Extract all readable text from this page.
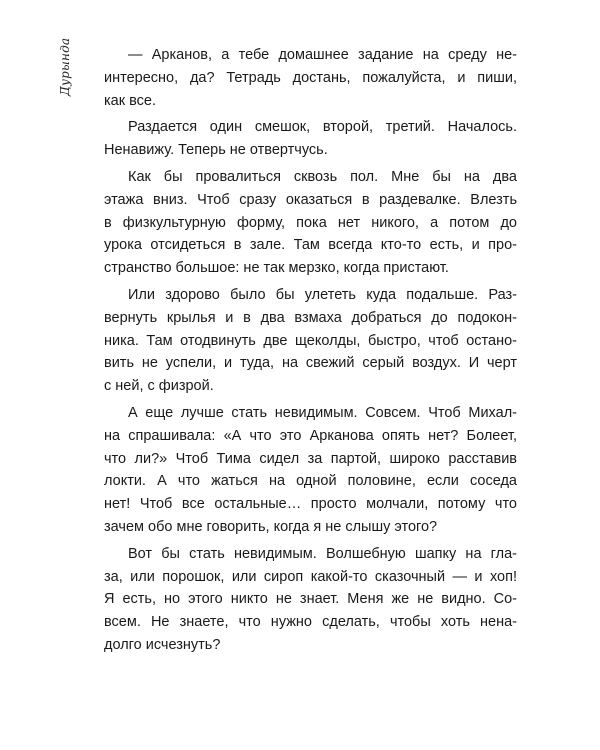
Дурында	— Арканов, а тебе домашнее задание на среду не-
интересно, да? Тетрадь достань, пожалуйста, и пиши,
как все.

Раздается один смешок, второй, третий. Началось.
Ненавижу. Теперь не отвертчусь.

Как бы провалиться сквозь пол. Мне бы на два
этажа вниз. Чтоб сразу оказаться в раздевалке. Влезть
в физкультурную форму, пока нет никого, а потом до
урока отсидеться в зале. Там всегда кто-то есть, и про-
странство большое: не так мерзко, когда пристают.

Или здорово было бы улететь куда подальше. Раз-
вернуть крылья и в два взмаха добраться до подокон-
ника. Там отодвинуть две щеколды, быстро, чтоб остано-
вить не успели, и туда, на свежий серый воздух. И черт
с ней, с физрой.

А еще лучше стать невидимым. Совсем. Чтоб Михал-
на спрашивала: «А что это Арканова опять нет? Болеет,
что ли?» Чтоб Тима сидел за партой, широко расставив
локти. А что жаться на одной половине, если соседа
нет! Чтоб все остальные… просто молчали, потому что
зачем обо мне говорить, когда я не слышу этого?

Вот бы стать невидимым. Волшебную шапку на гла-
за, или порошок, или сироп какой-то сказочный — и хоп!
Я есть, но этого никто не знает. Меня же не видно. Со-
всем. Не знаете, что нужно сделать, чтобы хоть нена-
долго исчезнуть?
